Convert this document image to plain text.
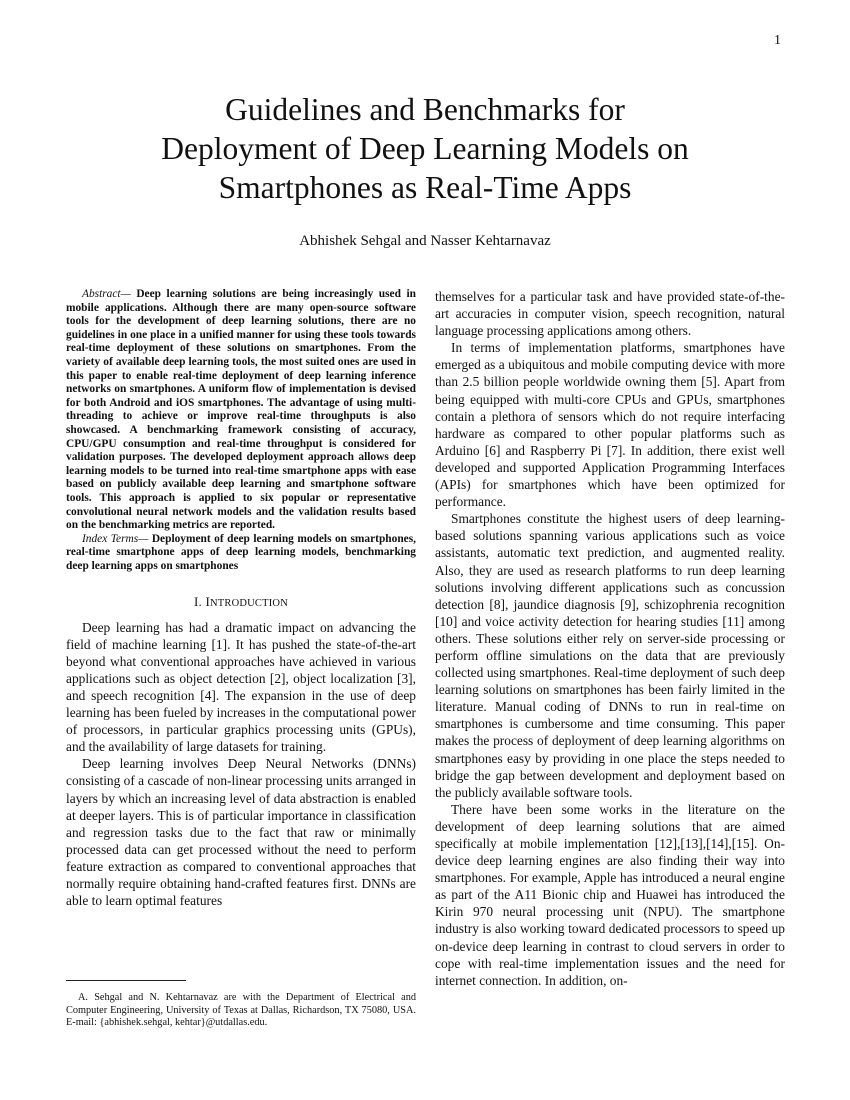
1
Guidelines and Benchmarks for
Deployment of Deep Learning Models on
Smartphones as Real-Time Apps
Abhishek Sehgal and Nasser Kehtarnavaz

Abstract— Deep learning solutions are being increasingly used in mobile applications. Although there are many open-source software tools for the development of deep learning solutions, there are no guidelines in one place in a unified manner for using these tools towards real-time deployment of these solutions on smartphones. From the variety of available deep learning tools, the most suited ones are used in this paper to enable real-time deployment of deep learning inference networks on smartphones. A uniform flow of implementation is devised for both Android and iOS smartphones. The advantage of using multi-threading to achieve or improve real-time throughputs is also showcased. A benchmarking framework consisting of accuracy, CPU/GPU consumption and real-time throughput is considered for validation purposes. The developed deployment approach allows deep learning models to be turned into real-time smartphone apps with ease based on publicly available deep learning and smartphone software tools. This approach is applied to six popular or representative convolutional neural network models and the validation results based on the benchmarking metrics are reported.

Index Terms— Deployment of deep learning models on smartphones, real-time smartphone apps of deep learning models, benchmarking deep learning apps on smartphones

I. INTRODUCTION

Deep learning has had a dramatic impact on advancing the field of machine learning [1]. It has pushed the state-of-the-art beyond what conventional approaches have achieved in various applications such as object detection [2], object localization [3], and speech recognition [4]. The expansion in the use of deep learning has been fueled by increases in the computational power of processors, in particular graphics processing units (GPUs), and the availability of large datasets for training.

Deep learning involves Deep Neural Networks (DNNs) consisting of a cascade of non-linear processing units arranged in layers by which an increasing level of data abstraction is enabled at deeper layers. This is of particular importance in classification and regression tasks due to the fact that raw or minimally processed data can get processed without the need to perform feature extraction as compared to conventional approaches that normally require obtaining hand-crafted features first. DNNs are able to learn optimal features

themselves for a particular task and have provided state-of-the-art accuracies in computer vision, speech recognition, natural language processing applications among others.

In terms of implementation platforms, smartphones have emerged as a ubiquitous and mobile computing device with more than 2.5 billion people worldwide owning them [5]. Apart from being equipped with multi-core CPUs and GPUs, smartphones contain a plethora of sensors which do not require interfacing hardware as compared to other popular platforms such as Arduino [6] and Raspberry Pi [7]. In addition, there exist well developed and supported Application Programming Interfaces (APIs) for smartphones which have been optimized for performance.

Smartphones constitute the highest users of deep learning-based solutions spanning various applications such as voice assistants, automatic text prediction, and augmented reality. Also, they are used as research platforms to run deep learning solutions involving different applications such as concussion detection [8], jaundice diagnosis [9], schizophrenia recognition [10] and voice activity detection for hearing studies [11] among others. These solutions either rely on server-side processing or perform offline simulations on the data that are previously collected using smartphones. Real-time deployment of such deep learning solutions on smartphones has been fairly limited in the literature. Manual coding of DNNs to run in real-time on smartphones is cumbersome and time consuming. This paper makes the process of deployment of deep learning algorithms on smartphones easy by providing in one place the steps needed to bridge the gap between development and deployment based on the publicly available software tools.

There have been some works in the literature on the development of deep learning solutions that are aimed specifically at mobile implementation [12],[13],[14],[15]. On-device deep learning engines are also finding their way into smartphones. For example, Apple has introduced a neural engine as part of the A11 Bionic chip and Huawei has introduced the Kirin 970 neural processing unit (NPU). The smartphone industry is also working toward dedicated processors to speed up on-device deep learning in contrast to cloud servers in order to cope with real-time implementation issues and the need for internet connection. In addition, on-

A. Sehgal and N. Kehtarnavaz are with the Department of Electrical and Computer Engineering, University of Texas at Dallas, Richardson, TX 75080, USA. E-mail: {abhishek.sehgal, kehtar}@utdallas.edu.
